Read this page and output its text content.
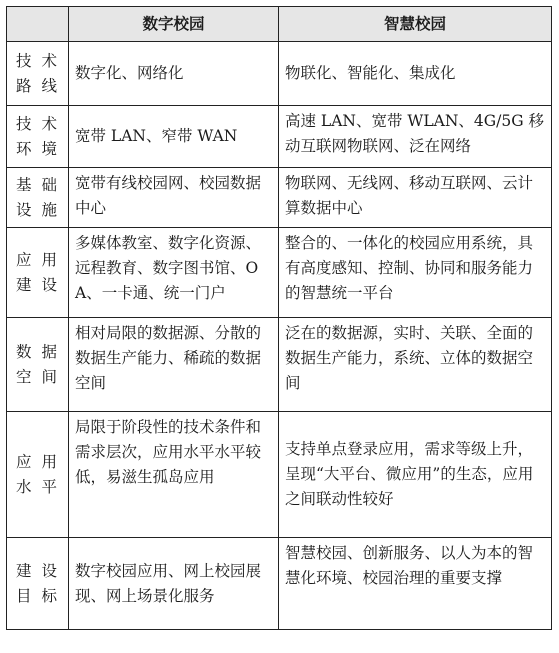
	数字校园	智慧校园
技术路线	数字化、网络化	物联化、智能化、集成化
技术环境	宽带 LAN、窄带 WAN	高速 LAN、宽带 WLAN、4G/5G 移动互联网物联网、泛在网络
基础设施	宽带有线校园网、校园数据中心	物联网、无线网、移动互联网、云计算数据中心
应用建设	多媒体教室、数字化资源、远程教育、数字图书馆、OA、一卡通、统一门户	整合的、一体化的校园应用系统，具有高度感知、控制、协同和服务能力的智慧统一平台
数据空间	相对局限的数据源、分散的数据生产能力、稀疏的数据空间	泛在的数据源，实时、关联、全面的数据生产能力，系统、立体的数据空间
应用水平	局限于阶段性的技术条件和需求层次，应用水平水平较低，易滋生孤岛应用	支持单点登录应用，需求等级上升，呈现“大平台、微应用”的生态，应用之间联动性较好
建设目标	数字校园应用、网上校园展现、网上场景化服务	智慧校园、创新服务、以人为本的智慧化环境、校园治理的重要支撑
